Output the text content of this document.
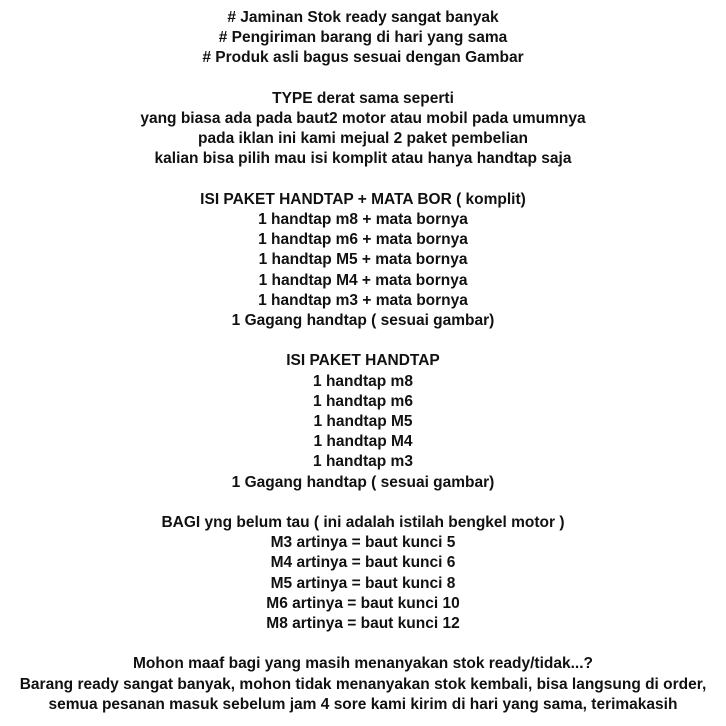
# Jaminan Stok ready sangat banyak
# Pengiriman barang di hari yang sama
# Produk asli bagus sesuai dengan Gambar
TYPE derat sama seperti
yang biasa ada pada baut2 motor atau mobil pada umumnya
pada iklan ini kami mejual 2 paket pembelian
kalian bisa pilih mau isi komplit atau hanya handtap saja
ISI PAKET HANDTAP + MATA BOR ( komplit)
1 handtap m8 + mata bornya
1 handtap m6 + mata bornya
1 handtap M5 + mata bornya
1 handtap M4 + mata bornya
1 handtap m3 + mata bornya
1 Gagang handtap ( sesuai gambar)
ISI PAKET HANDTAP
1 handtap m8
1 handtap m6
1 handtap M5
1 handtap M4
1 handtap m3
1 Gagang handtap ( sesuai gambar)
BAGI yng belum tau ( ini adalah istilah bengkel motor )
M3 artinya = baut kunci 5
M4 artinya = baut kunci 6
M5 artinya = baut kunci 8
M6 artinya = baut kunci 10
M8 artinya = baut kunci 12
Mohon maaf bagi yang masih menanyakan stok ready/tidak...?
Barang ready sangat banyak, mohon tidak menanyakan stok kembali, bisa langsung di order,
semua pesanan masuk sebelum jam 4 sore kami kirim di hari yang sama, terimakasih
